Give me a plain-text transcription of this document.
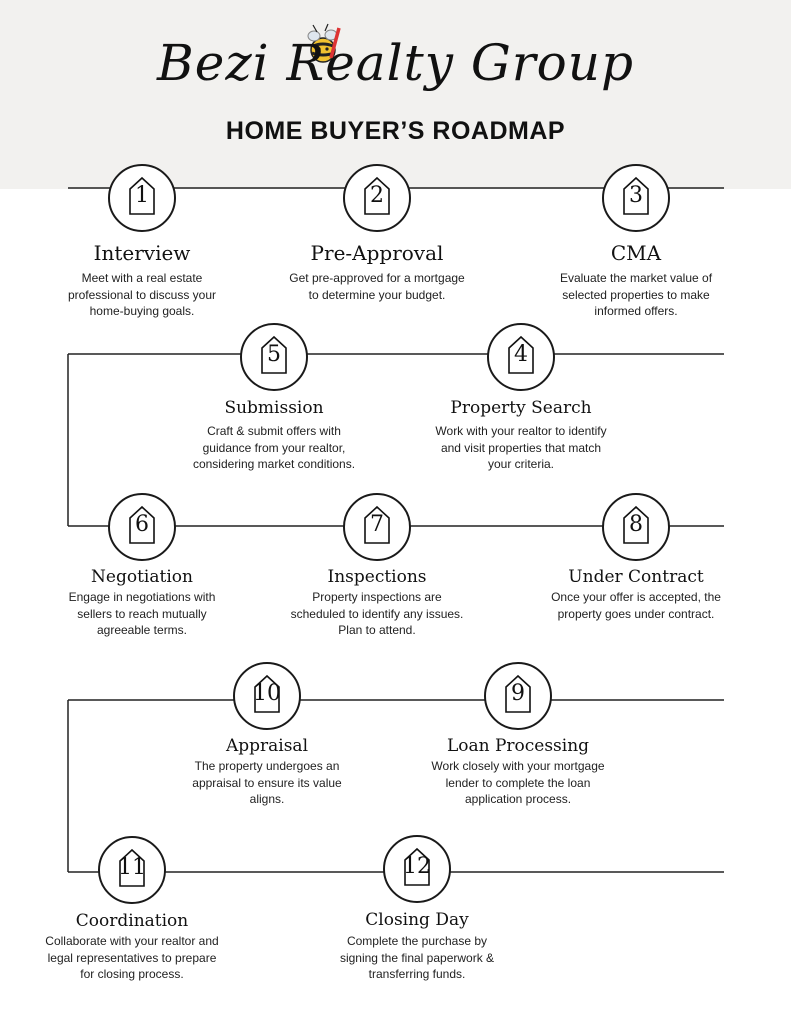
Bezi Realty Group
HOME BUYER’S ROADMAP
1
Interview
Meet with a real estate professional to discuss your home-buying goals.
2
Pre-Approval
Get pre-approved for a mortgage to determine your budget.
3
CMA
Evaluate the market value of selected properties to make informed offers.
5
Submission
Craft & submit offers with guidance from your realtor, considering market conditions.
4
Property Search
Work with your realtor to identify and visit properties that match your criteria.
6
Negotiation
Engage in negotiations with sellers to reach mutually agreeable terms.
7
Inspections
Property inspections are scheduled to identify any issues. Plan to attend.
8
Under Contract
Once your offer is accepted, the property goes under contract.
10
Appraisal
The property undergoes an appraisal to ensure its value aligns.
9
Loan Processing
Work closely with your mortgage lender to complete the loan application process.
11
Coordination
Collaborate with your realtor and legal representatives to prepare for closing process.
12
Closing Day
Complete the purchase by signing the final paperwork & transferring funds.
